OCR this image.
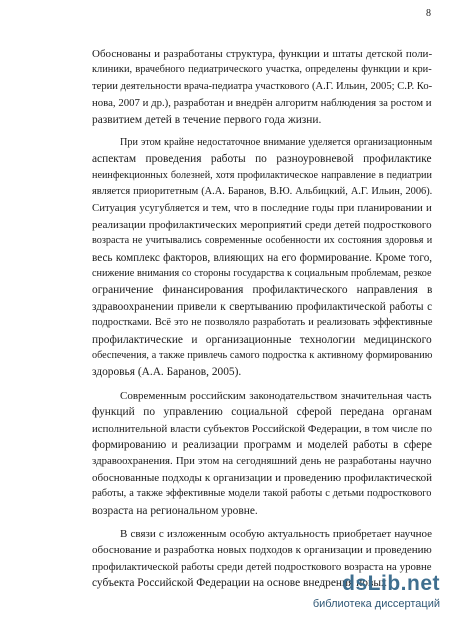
8
Обоснованы и разработаны структура, функции и штаты детской поли-
клиники, врачебного педиатрического участка, определены функции и кри-
терии деятельности врача-педиатра участкового (А.Г. Ильин, 2005; С.Р. Ко-
нова, 2007 и др.), разработан и внедрён алгоритм наблюдения за ростом и
развитием детей в течение первого года жизни.
При этом крайне недостаточное внимание уделяется организационным
аспектам проведения работы по разноуровневой профилактике
неинфекционных болезней, хотя профилактическое направление в педиатрии
является приоритетным (А.А. Баранов, В.Ю. Альбицкий, А.Г. Ильин, 2006).
Ситуация усугубляется и тем, что в последние годы при планировании и
реализации профилактических мероприятий среди детей подросткового
возраста не учитывались современные особенности их состояния здоровья и
весь комплекс факторов, влияющих на его формирование. Кроме того,
снижение внимания со стороны государства к социальным проблемам, резкое
ограничение финансирования профилактического направления в
здравоохранении привели к свертыванию профилактической работы с
подростками. Всё это не позволяло разработать и реализовать эффективные
профилактические и организационные технологии медицинского
обеспечения, а также привлечь самого подростка к активному формированию
здоровья (А.А. Баранов, 2005).
Современным российским законодательством значительная часть
функций по управлению социальной сферой передана органам
исполнительной власти субъектов Российской Федерации, в том числе по
формированию и реализации программ и моделей работы в сфере
здравоохранения. При этом на сегодняшний день не разработаны научно
обоснованные подходы к организации и проведению профилактической
работы, а также эффективные модели такой работы с детьми подросткового
возраста на региональном уровне.
В связи с изложенным особую актуальность приобретает научное
обоснование и разработка новых подходов к организации и проведению
профилактической работы среди детей подросткового возраста на уровне
субъекта Российской Федерации на основе внедрения новых
dsLib.net
библиотека диссертаций
